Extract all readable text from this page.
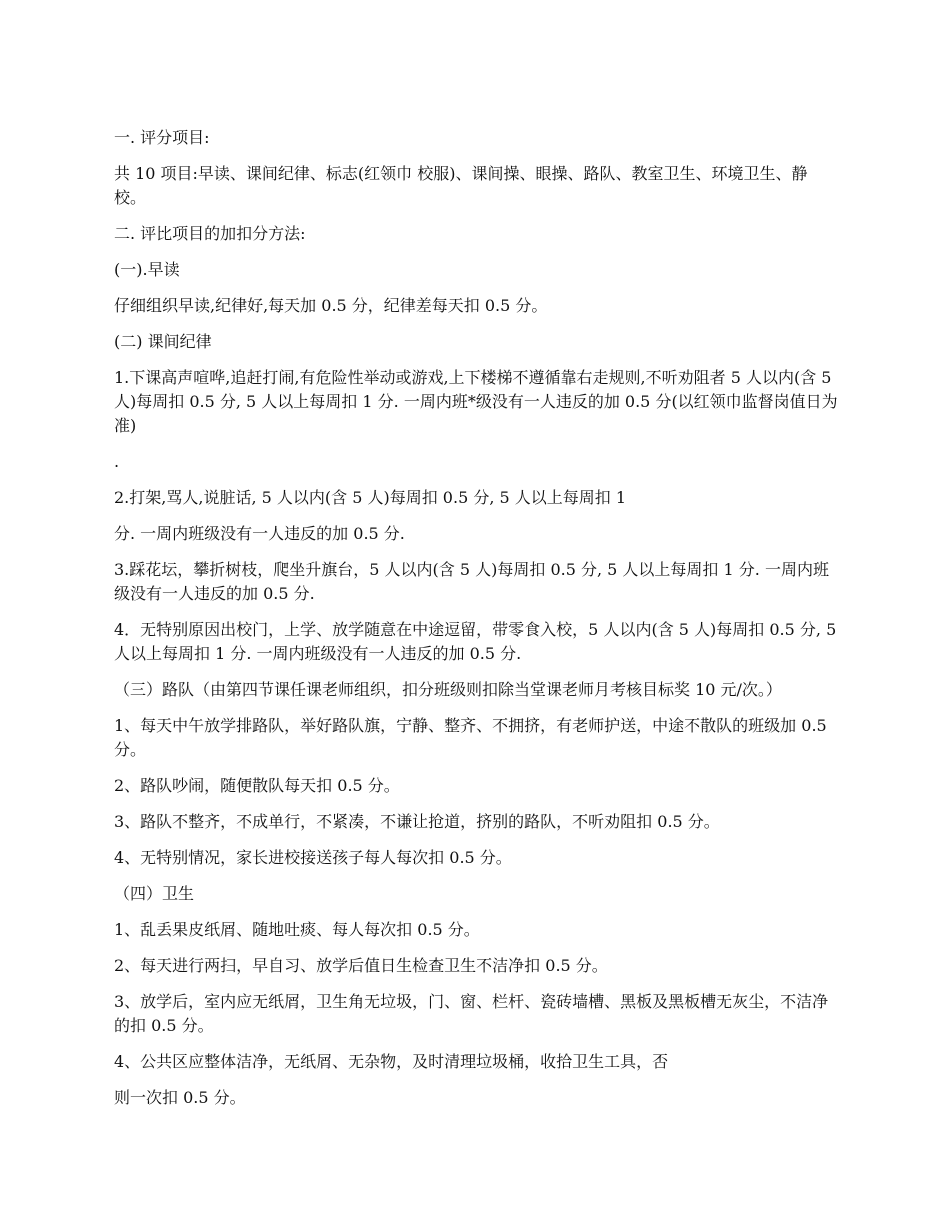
一. 评分项目:

共 10 项目:早读、课间纪律、标志(红领巾 校服)、课间操、眼操、路队、教室卫生、环境卫生、静校。

二. 评比项目的加扣分方法:

(一).早读

仔细组织早读,纪律好,每天加 0.5 分，纪律差每天扣 0.5 分。

(二) 课间纪律

1.下课高声喧哗,追赶打闹,有危险性举动或游戏,上下楼梯不遵循靠右走规则,不听劝阻者 5 人以内(含 5 人)每周扣 0.5 分, 5 人以上每周扣 1 分. 一周内班*级没有一人违反的加 0.5 分(以红领巾监督岗值日为准)

.

2.打架,骂人,说脏话, 5 人以内(含 5 人)每周扣 0.5 分, 5 人以上每周扣 1

分. 一周内班级没有一人违反的加 0.5 分.

3.踩花坛，攀折树枝，爬坐升旗台，5 人以内(含 5 人)每周扣 0.5 分, 5 人以上每周扣 1 分. 一周内班级没有一人违反的加 0.5 分.

4．无特别原因出校门，上学、放学随意在中途逗留，带零食入校，5 人以内(含 5 人)每周扣 0.5 分, 5 人以上每周扣 1 分. 一周内班级没有一人违反的加 0.5 分.

（三）路队（由第四节课任课老师组织，扣分班级则扣除当堂课老师月考核目标奖 10 元/次。）

1、每天中午放学排路队，举好路队旗，宁静、整齐、不拥挤，有老师护送，中途不散队的班级加 0.5 分。

2、路队吵闹，随便散队每天扣 0.5 分。

3、路队不整齐，不成单行，不紧凑，不谦让抢道，挤别的路队，不听劝阻扣 0.5 分。

4、无特别情况，家长进校接送孩子每人每次扣 0.5 分。

（四）卫生

1、乱丢果皮纸屑、随地吐痰、每人每次扣 0.5 分。

2、每天进行两扫，早自习、放学后值日生检查卫生不洁净扣 0.5 分。

3、放学后，室内应无纸屑，卫生角无垃圾，门、窗、栏杆、瓷砖墙槽、黑板及黑板槽无灰尘，不洁净的扣 0.5 分。

4、公共区应整体洁净，无纸屑、无杂物，及时清理垃圾桶，收拾卫生工具，否

则一次扣 0.5 分。
